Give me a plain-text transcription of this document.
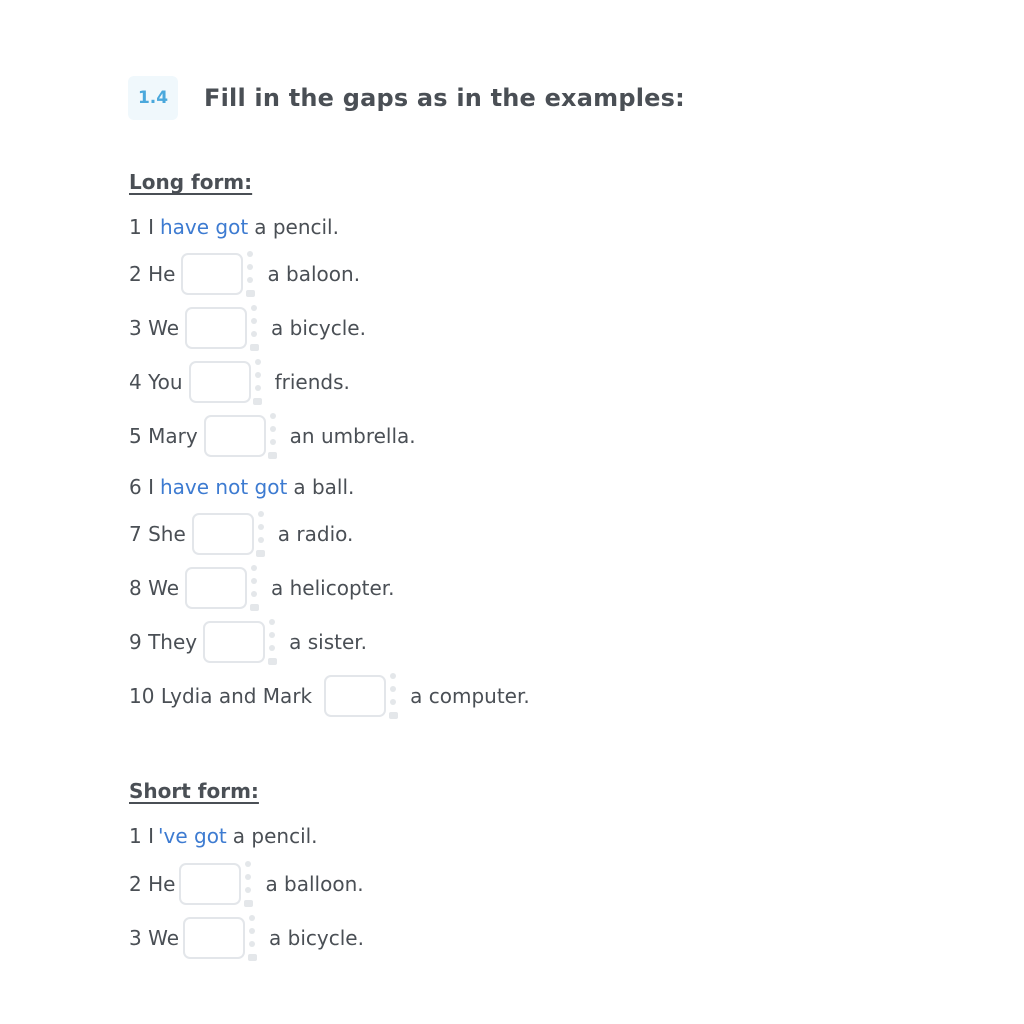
1.4	Fill in the gaps as in the examples:
Long form:
1
I have got a pencil.
2
He	a baloon.
3
We	a bicycle.
4
You	friends.
5
Mary	an umbrella.
6
I have not got a ball.
7
She	a radio.
8
We	a helicopter.
9
They	a sister.
10
Lydia and Mark	a computer.
Short form:
1
I 've got a pencil.
2
He	a balloon.
3
We	a bicycle.
